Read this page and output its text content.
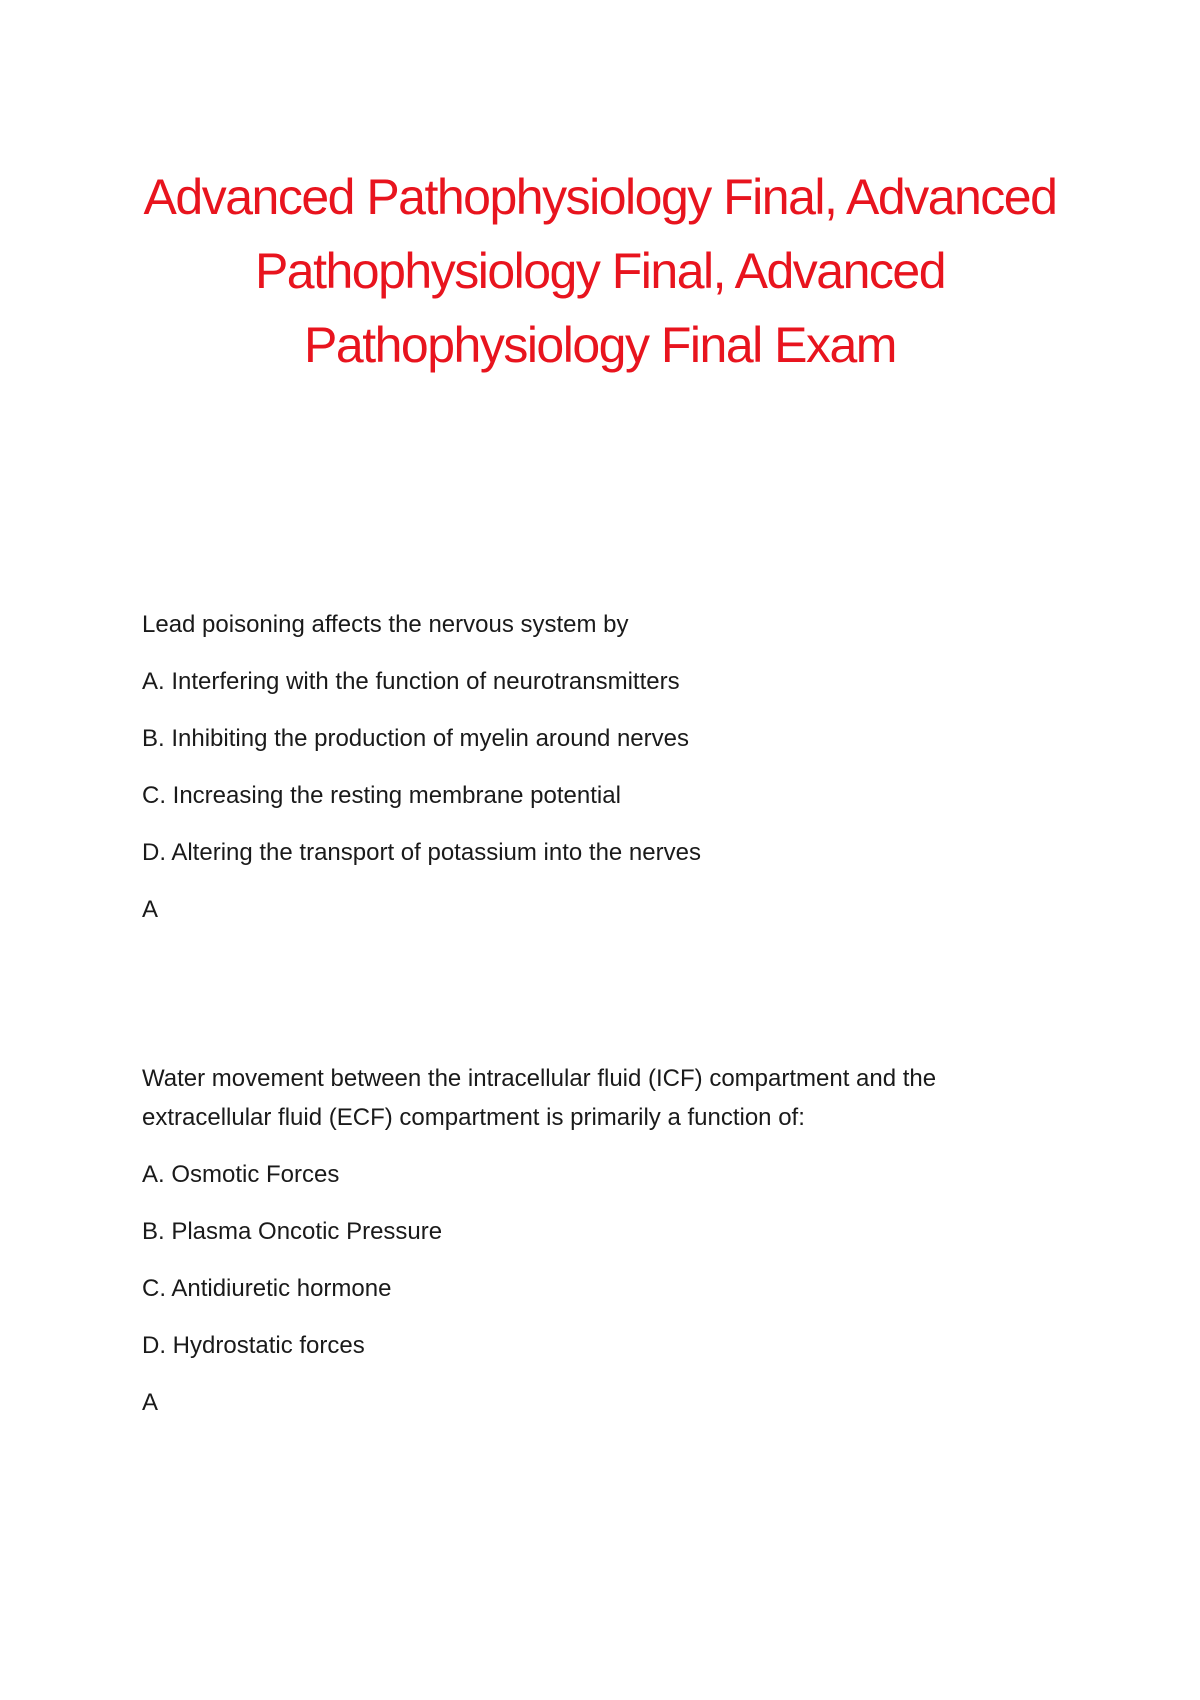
Advanced Pathophysiology Final, Advanced
Pathophysiology Final, Advanced
Pathophysiology Final Exam

Lead poisoning affects the nervous system by

A. Interfering with the function of neurotransmitters

B. Inhibiting the production of myelin around nerves

C. Increasing the resting membrane potential

D. Altering the transport of potassium into the nerves

A

Water movement between the intracellular fluid (ICF) compartment and the extracellular fluid (ECF) compartment is primarily a function of:

A. Osmotic Forces

B. Plasma Oncotic Pressure

C. Antidiuretic hormone

D. Hydrostatic forces

A
